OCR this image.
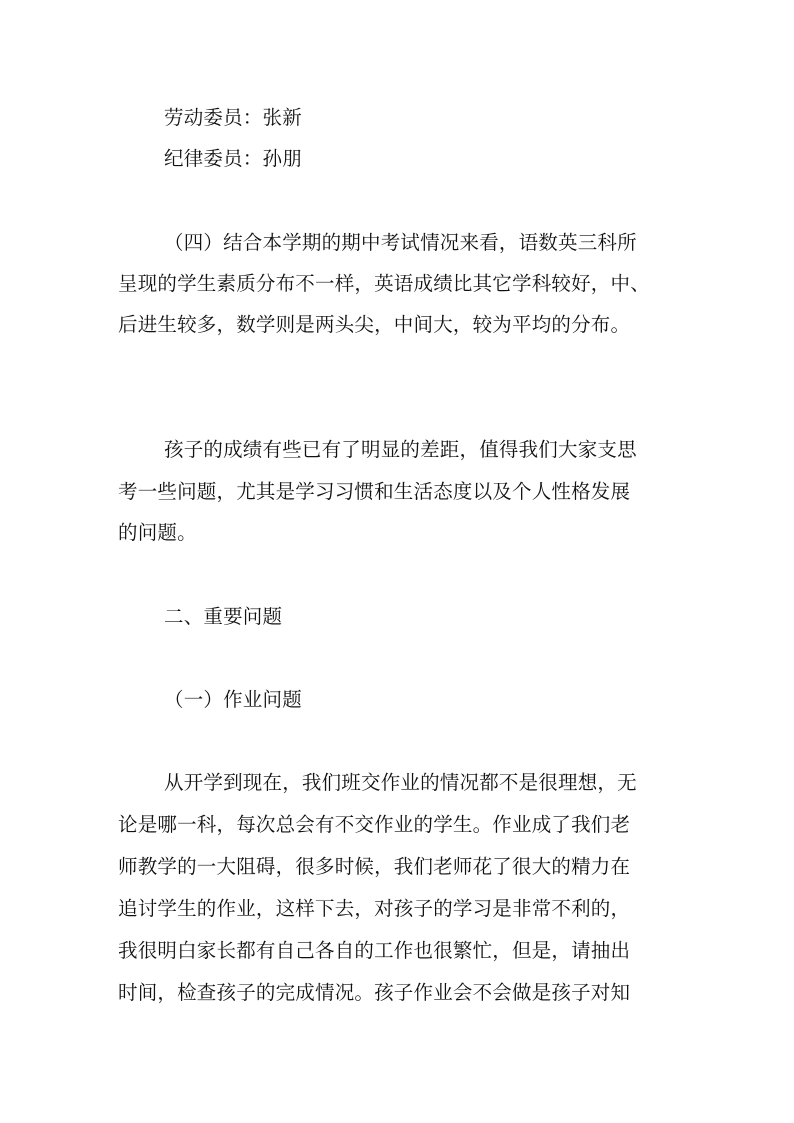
劳动委员：张新
纪律委员：孙朋
（四）结合本学期的期中考试情况来看，语数英三科所
呈现的学生素质分布不一样，英语成绩比其它学科较好，中、
后进生较多，数学则是两头尖，中间大，较为平均的分布。
孩子的成绩有些已有了明显的差距，值得我们大家支思
考一些问题，尤其是学习习惯和生活态度以及个人性格发展
的问题。
二、重要问题
（一）作业问题
从开学到现在，我们班交作业的情况都不是很理想，无
论是哪一科，每次总会有不交作业的学生。作业成了我们老
师教学的一大阻碍，很多时候，我们老师花了很大的精力在
追讨学生的作业，这样下去，对孩子的学习是非常不利的，
我很明白家长都有自己各自的工作也很繁忙，但是，请抽出
时间，检查孩子的完成情况。孩子作业会不会做是孩子对知
